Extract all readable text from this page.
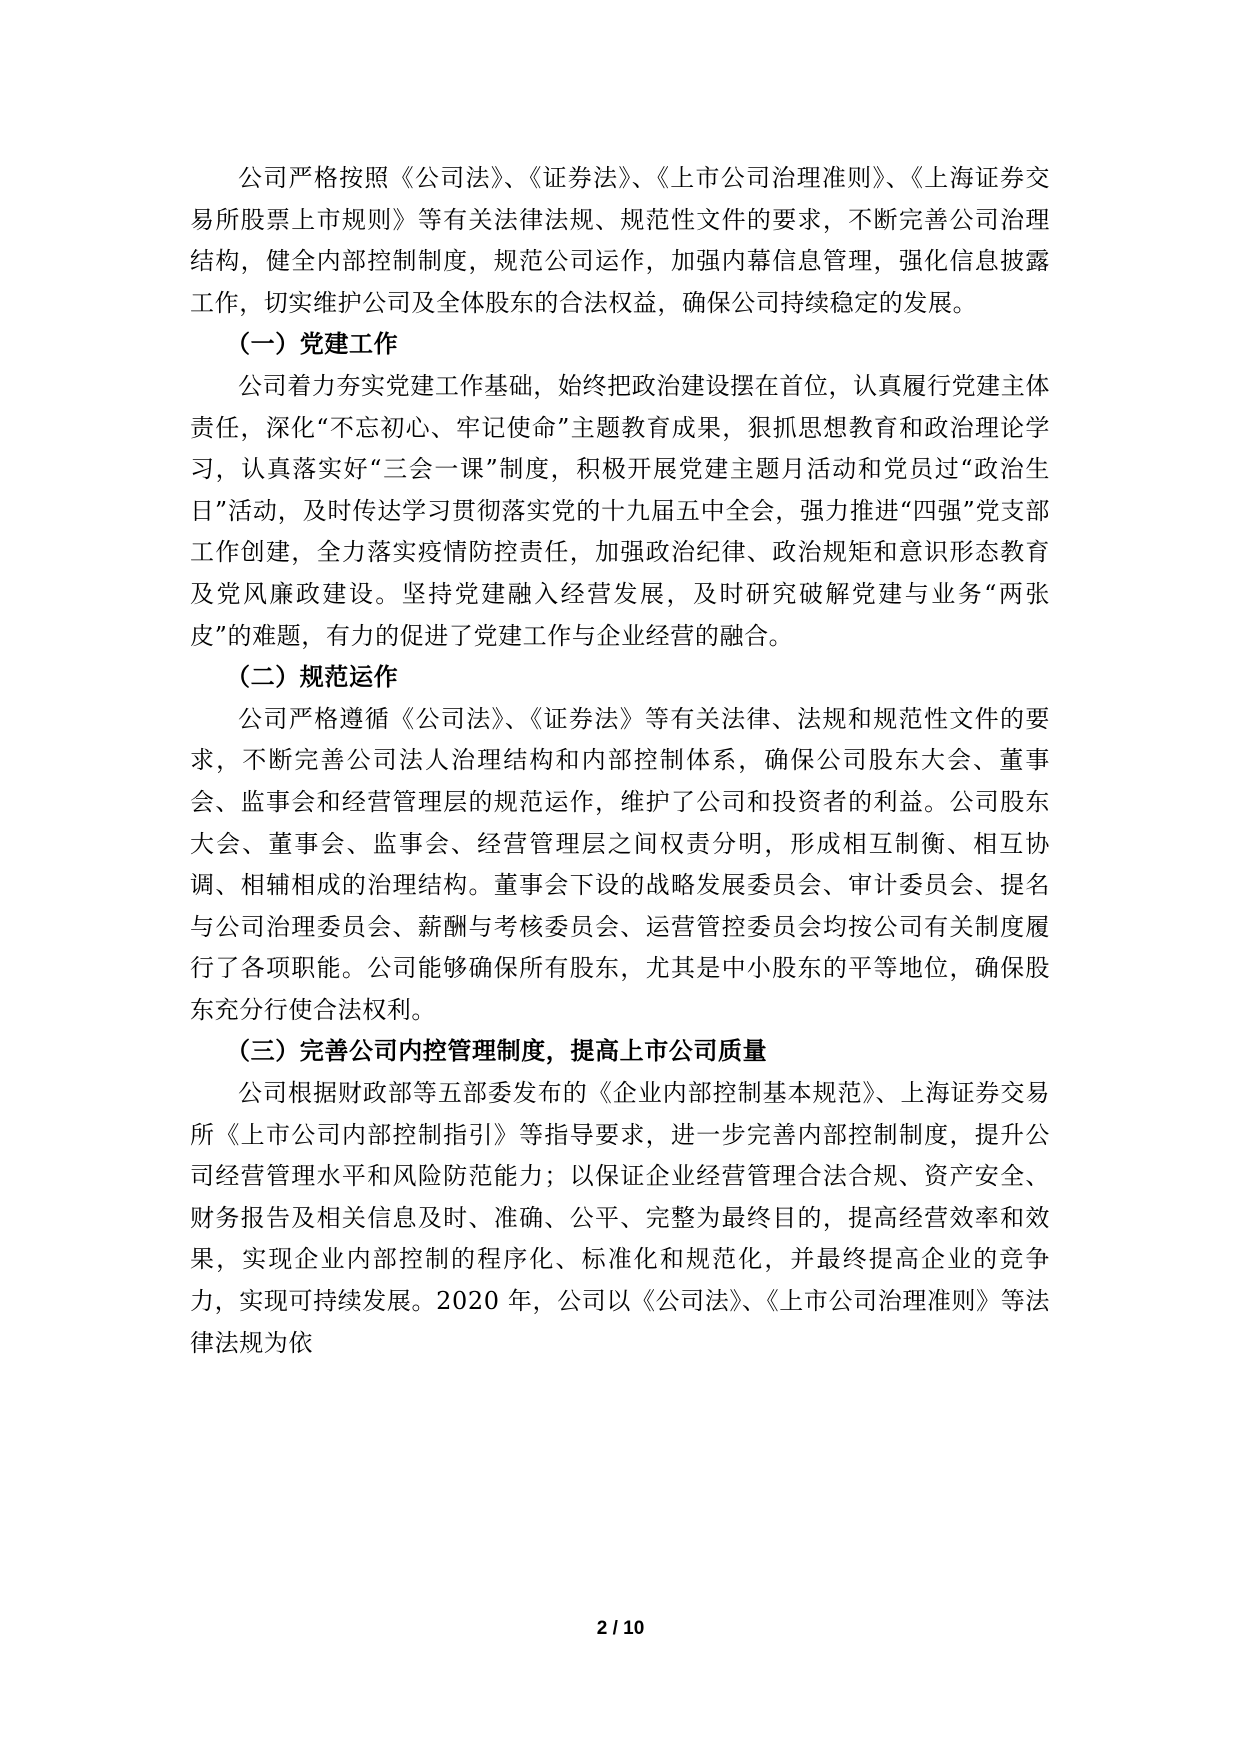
公司严格按照《公司法》、《证券法》、《上市公司治理准则》、《上海证券交易所股票上市规则》等有关法律法规、规范性文件的要求，不断完善公司治理结构，健全内部控制制度，规范公司运作，加强内幕信息管理，强化信息披露工作，切实维护公司及全体股东的合法权益，确保公司持续稳定的发展。

（一）党建工作

公司着力夯实党建工作基础，始终把政治建设摆在首位，认真履行党建主体责任，深化“不忘初心、牢记使命”主题教育成果，狠抓思想教育和政治理论学习，认真落实好“三会一课”制度，积极开展党建主题月活动和党员过“政治生日”活动，及时传达学习贯彻落实党的十九届五中全会，强力推进“四强”党支部工作创建，全力落实疫情防控责任，加强政治纪律、政治规矩和意识形态教育及党风廉政建设。坚持党建融入经营发展，及时研究破解党建与业务“两张皮”的难题，有力的促进了党建工作与企业经营的融合。

（二）规范运作

公司严格遵循《公司法》、《证券法》等有关法律、法规和规范性文件的要求，不断完善公司法人治理结构和内部控制体系，确保公司股东大会、董事会、监事会和经营管理层的规范运作，维护了公司和投资者的利益。公司股东大会、董事会、监事会、经营管理层之间权责分明，形成相互制衡、相互协调、相辅相成的治理结构。董事会下设的战略发展委员会、审计委员会、提名与公司治理委员会、薪酬与考核委员会、运营管控委员会均按公司有关制度履行了各项职能。公司能够确保所有股东，尤其是中小股东的平等地位，确保股东充分行使合法权利。

（三）完善公司内控管理制度，提高上市公司质量

公司根据财政部等五部委发布的《企业内部控制基本规范》、上海证券交易所《上市公司内部控制指引》等指导要求，进一步完善内部控制制度，提升公司经营管理水平和风险防范能力；以保证企业经营管理合法合规、资产安全、财务报告及相关信息及时、准确、公平、完整为最终目的，提高经营效率和效果，实现企业内部控制的程序化、标准化和规范化，并最终提高企业的竞争力，实现可持续发展。2020 年，公司以《公司法》、《上市公司治理准则》等法律法规为依

2 / 10
